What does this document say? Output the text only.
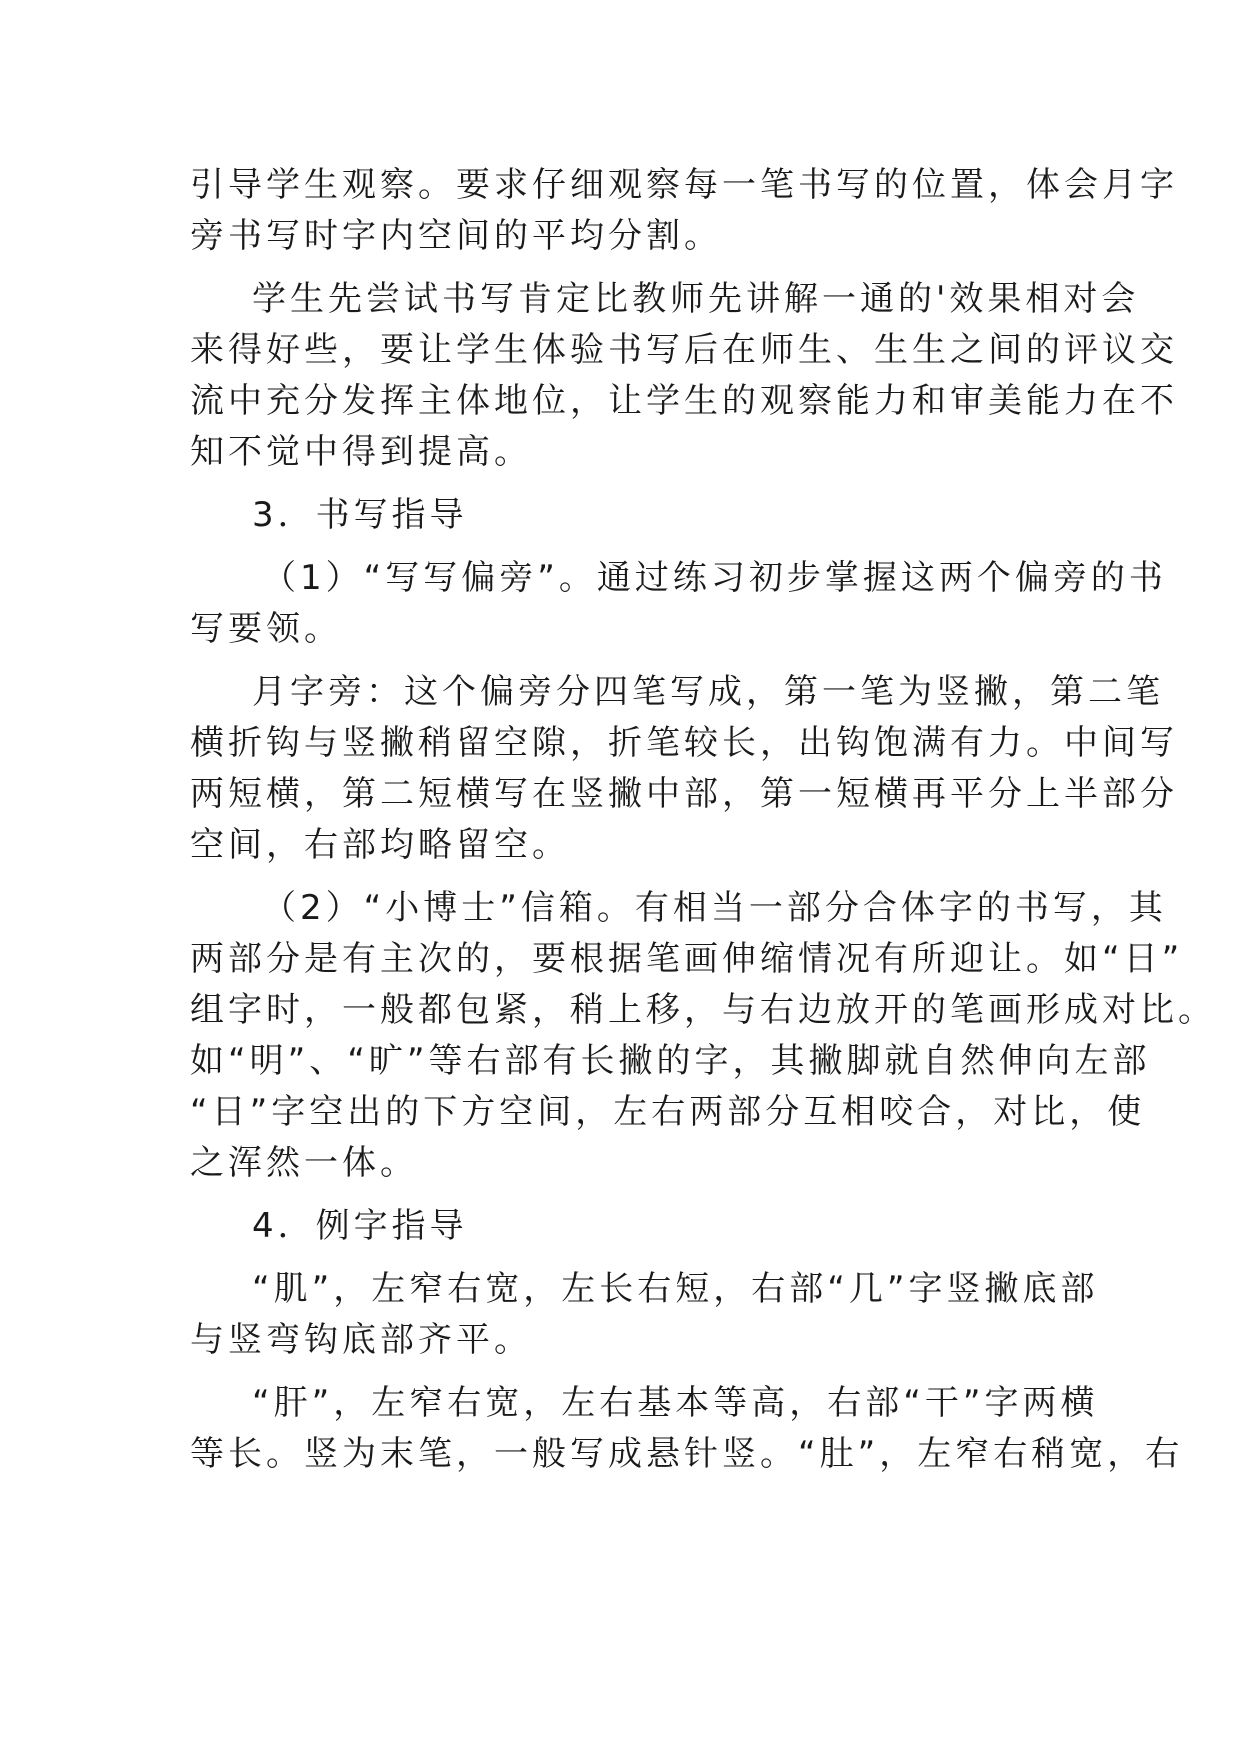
引导学生观察。要求仔细观察每一笔书写的位置，体会月字
旁书写时字内空间的平均分割。
学生先尝试书写肯定比教师先讲解一通的'效果相对会
来得好些，要让学生体验书写后在师生、生生之间的评议交
流中充分发挥主体地位，让学生的观察能力和审美能力在不
知不觉中得到提高。
3．书写指导
（1）“写写偏旁”。通过练习初步掌握这两个偏旁的书
写要领。
月字旁：这个偏旁分四笔写成，第一笔为竖撇，第二笔
横折钩与竖撇稍留空隙，折笔较长，出钩饱满有力。中间写
两短横，第二短横写在竖撇中部，第一短横再平分上半部分
空间，右部均略留空。
（2）“小博士”信箱。有相当一部分合体字的书写，其
两部分是有主次的，要根据笔画伸缩情况有所迎让。如“日”
组字时，一般都包紧，稍上移，与右边放开的笔画形成对比。
如“明”、“旷”等右部有长撇的字，其撇脚就自然伸向左部
“日”字空出的下方空间，左右两部分互相咬合，对比，使
之浑然一体。
4．例字指导
“肌”，左窄右宽，左长右短，右部“几”字竖撇底部
与竖弯钩底部齐平。
“肝”，左窄右宽，左右基本等高，右部“干”字两横
等长。竖为末笔，一般写成悬针竖。“肚”，左窄右稍宽，右
